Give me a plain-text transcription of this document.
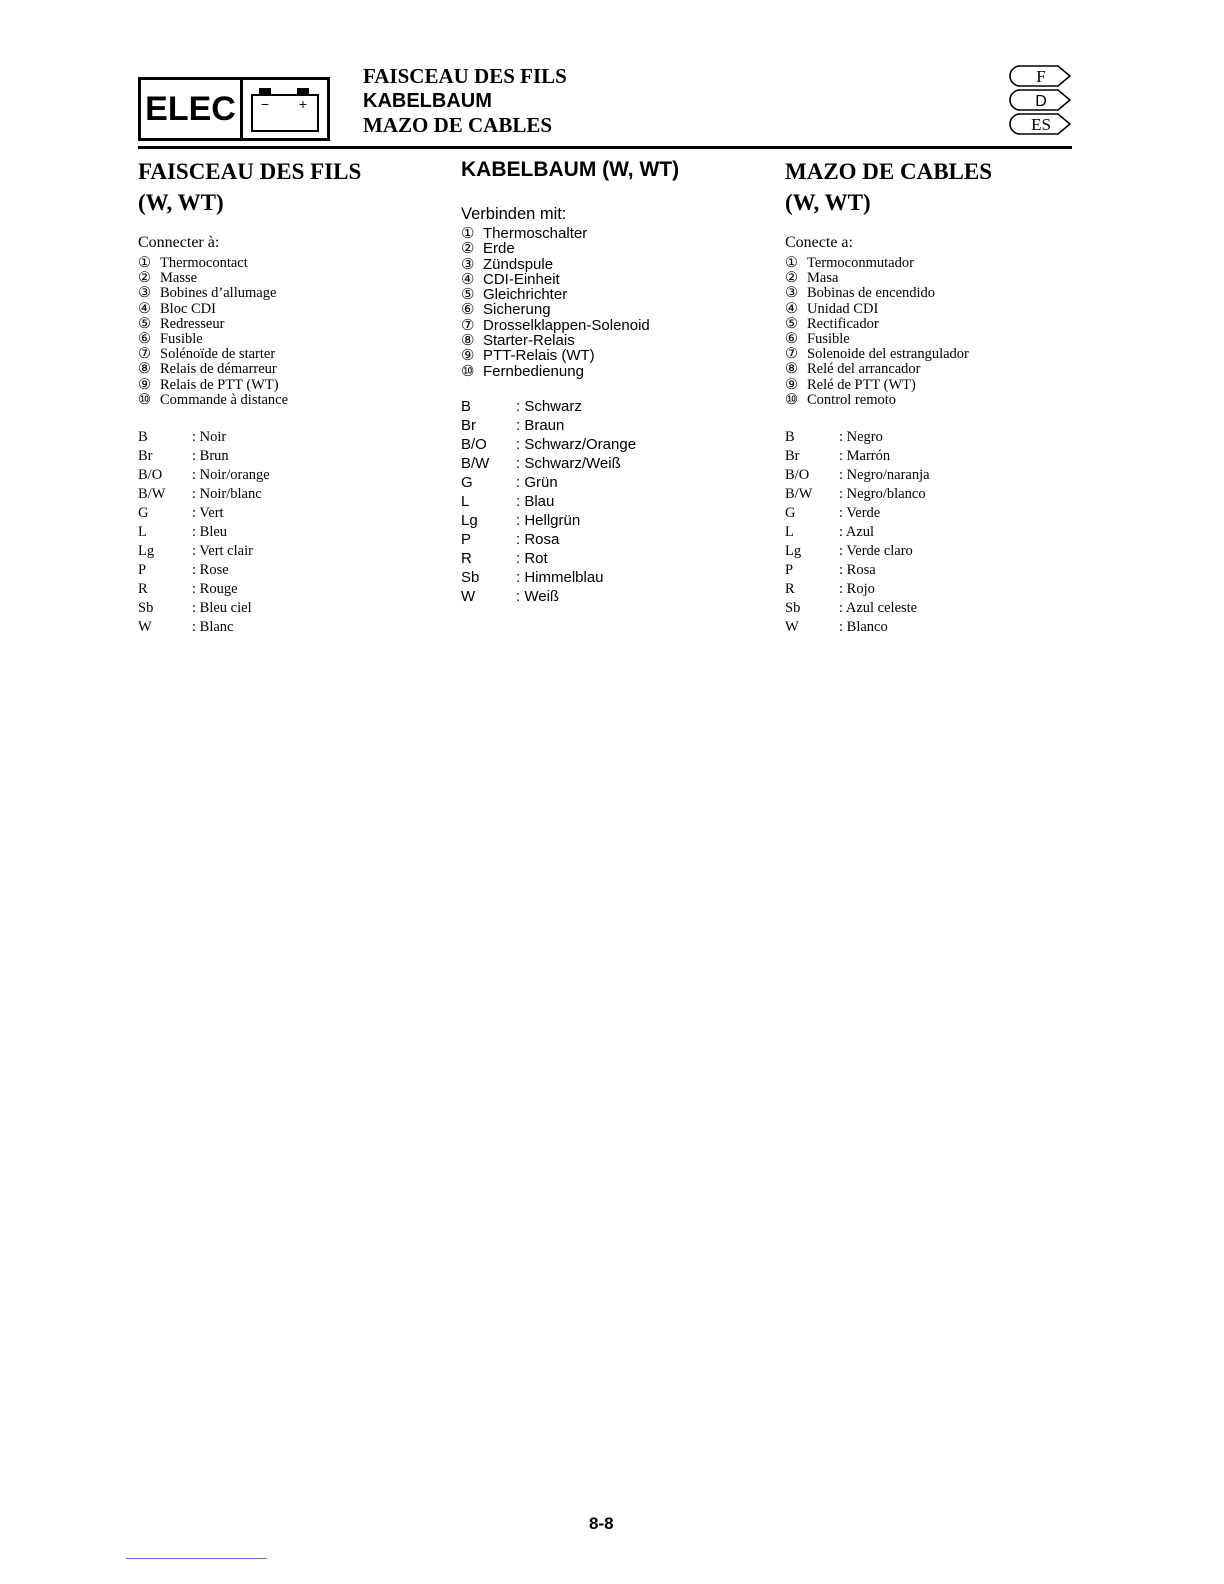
ELEC	− +
FAISCEAU DES FILS
KABELBAUM
MAZO DE CABLES
F
D
ES
FAISCEAU DES FILS
(W, WT)

Connecter à:

① Thermocontact
② Masse
③ Bobines d’allumage
④ Bloc CDI
⑤ Redresseur
⑥ Fusible
⑦ Solénoïde de starter
⑧ Relais de démarreur
⑨ Relais de PTT (WT)
⑩ Commande à distance
B	: Noir
Br	: Brun
B/O	: Noir/orange
B/W	: Noir/blanc
G	: Vert
L	: Bleu
Lg	: Vert clair
P	: Rose
R	: Rouge
Sb	: Bleu ciel
W	: Blanc
KABELBAUM (W, WT)

Verbinden mit:

① Thermoschalter
② Erde
③ Zündspule
④ CDI-Einheit
⑤ Gleichrichter
⑥ Sicherung
⑦ Drosselklappen-Solenoid
⑧ Starter-Relais
⑨ PTT-Relais (WT)
⑩ Fernbedienung
B	: Schwarz
Br	: Braun
B/O	: Schwarz/Orange
B/W	: Schwarz/Weiß
G	: Grün
L	: Blau
Lg	: Hellgrün
P	: Rosa
R	: Rot
Sb	: Himmelblau
W	: Weiß
MAZO DE CABLES
(W, WT)

Conecte a:

① Termoconmutador
② Masa
③ Bobinas de encendido
④ Unidad CDI
⑤ Rectificador
⑥ Fusible
⑦ Solenoide del estrangulador
⑧ Relé del arrancador
⑨ Relé de PTT (WT)
⑩ Control remoto
B	: Negro
Br	: Marrón
B/O	: Negro/naranja
B/W	: Negro/blanco
G	: Verde
L	: Azul
Lg	: Verde claro
P	: Rosa
R	: Rojo
Sb	: Azul celeste
W	: Blanco
8-8
